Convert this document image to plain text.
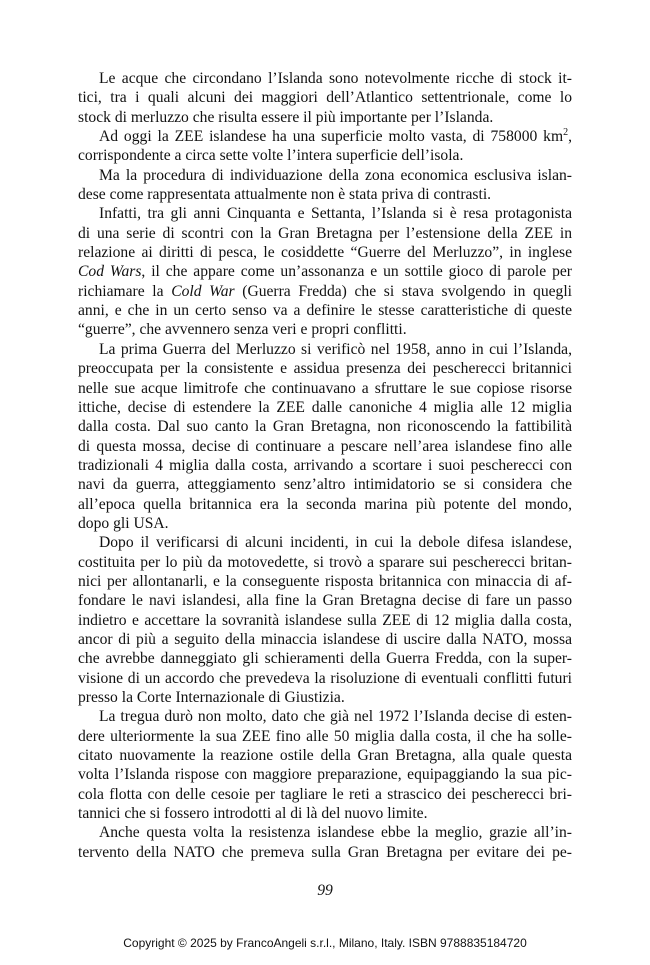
Le acque che circondano l’Islanda sono notevolmente ricche di stock it-
tici, tra i quali alcuni dei maggiori dell’Atlantico settentrionale, come lo
stock di merluzzo che risulta essere il più importante per l’Islanda.
Ad oggi la ZEE islandese ha una superficie molto vasta, di 758000 $km^2$,
corrispondente a circa sette volte l’intera superficie dell’isola.
Ma la procedura di individuazione della zona economica esclusiva islan-
dese come rappresentata attualmente non è stata priva di contrasti.
Infatti, tra gli anni Cinquanta e Settanta, l’Islanda si è resa protagonista
di una serie di scontri con la Gran Bretagna per l’estensione della ZEE in
relazione ai diritti di pesca, le cosiddette “Guerre del Merluzzo”, in inglese
Cod Wars, il che appare come un’assonanza e un sottile gioco di parole per
richiamare la Cold War (Guerra Fredda) che si stava svolgendo in quegli
anni, e che in un certo senso va a definire le stesse caratteristiche di queste
“guerre”, che avvennero senza veri e propri conflitti.
La prima Guerra del Merluzzo si verificò nel 1958, anno in cui l’Islanda,
preoccupata per la consistente e assidua presenza dei pescherecci britannici
nelle sue acque limitrofe che continuavano a sfruttare le sue copiose risorse
ittiche, decise di estendere la ZEE dalle canoniche 4 miglia alle 12 miglia
dalla costa. Dal suo canto la Gran Bretagna, non riconoscendo la fattibilità
di questa mossa, decise di continuare a pescare nell’area islandese fino alle
tradizionali 4 miglia dalla costa, arrivando a scortare i suoi pescherecci con
navi da guerra, atteggiamento senz’altro intimidatorio se si considera che
all’epoca quella britannica era la seconda marina più potente del mondo,
dopo gli USA.
Dopo il verificarsi di alcuni incidenti, in cui la debole difesa islandese,
costituita per lo più da motovedette, si trovò a sparare sui pescherecci britan-
nici per allontanarli, e la conseguente risposta britannica con minaccia di af-
fondare le navi islandesi, alla fine la Gran Bretagna decise di fare un passo
indietro e accettare la sovranità islandese sulla ZEE di 12 miglia dalla costa,
ancor di più a seguito della minaccia islandese di uscire dalla NATO, mossa
che avrebbe danneggiato gli schieramenti della Guerra Fredda, con la super-
visione di un accordo che prevedeva la risoluzione di eventuali conflitti futuri
presso la Corte Internazionale di Giustizia.
La tregua durò non molto, dato che già nel 1972 l’Islanda decise di esten-
dere ulteriormente la sua ZEE fino alle 50 miglia dalla costa, il che ha solle-
citato nuovamente la reazione ostile della Gran Bretagna, alla quale questa
volta l’Islanda rispose con maggiore preparazione, equipaggiando la sua pic-
cola flotta con delle cesoie per tagliare le reti a strascico dei pescherecci bri-
tannici che si fossero introdotti al di là del nuovo limite.
Anche questa volta la resistenza islandese ebbe la meglio, grazie all’in-
tervento della NATO che premeva sulla Gran Bretagna per evitare dei pe-
99
Copyright © 2025 by FrancoAngeli s.r.l., Milano, Italy. ISBN 9788835184720
